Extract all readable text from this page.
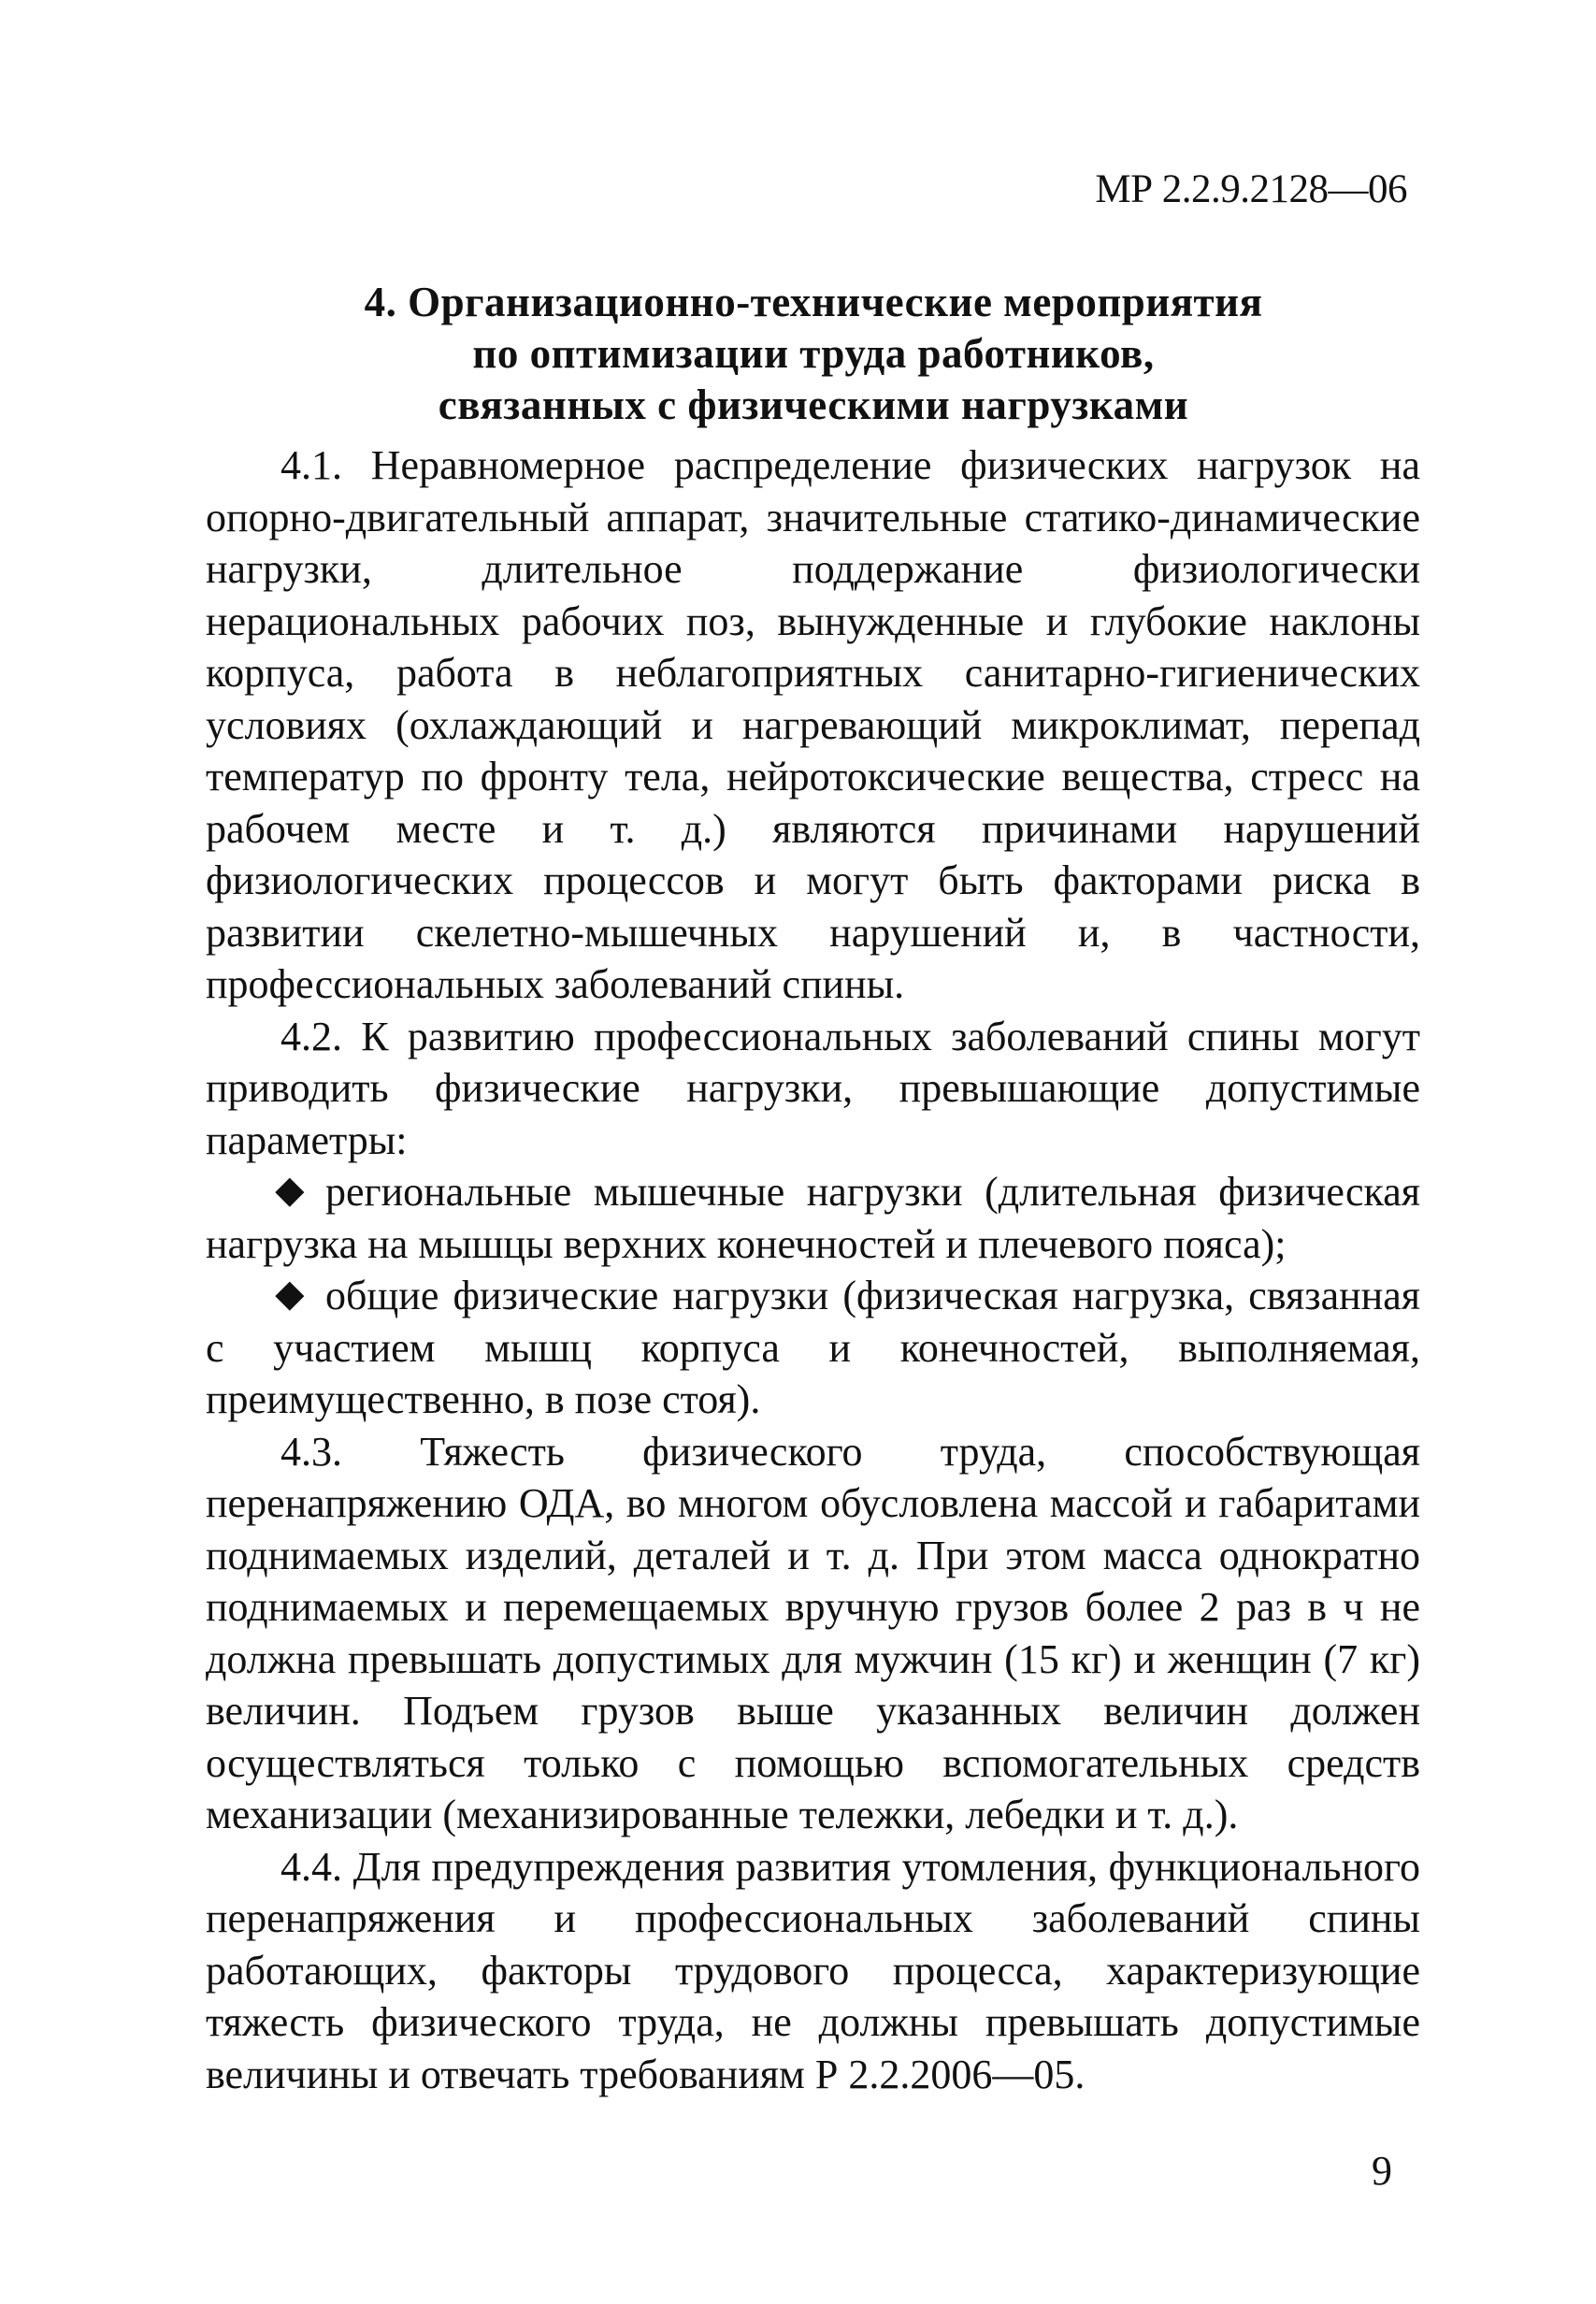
МР 2.2.9.2128—06
4. Организационно-технические мероприятия
по оптимизации труда работников,
связанных с физическими нагрузками

4.1. Неравномерное распределение физических нагрузок на опорно-двигательный аппарат, значительные статико-динамические нагрузки, длительное поддержание физиологически нерациональных рабочих поз, вынужденные и глубокие наклоны корпуса, работа в неблагоприятных санитарно-гигиенических условиях (охлаждающий и нагревающий микроклимат, перепад температур по фронту тела, нейротоксические вещества, стресс на рабочем месте и т. д.) являются причинами нарушений физиологических процессов и могут быть факторами риска в развитии скелетно-мышечных нарушений и, в частности, профессиональных заболеваний спины.

4.2. К развитию профессиональных заболеваний спины могут приводить физические нагрузки, превышающие допустимые параметры:

региональные мышечные нагрузки (длительная физическая нагрузка на мышцы верхних конечностей и плечевого пояса);

общие физические нагрузки (физическая нагрузка, связанная с участием мышц корпуса и конечностей, выполняемая, преимущественно, в позе стоя).

4.3. Тяжесть физического труда, способствующая перенапряжению ОДА, во многом обусловлена массой и габаритами поднимаемых изделий, деталей и т. д. При этом масса однократно поднимаемых и перемещаемых вручную грузов более 2 раз в ч не должна превышать допустимых для мужчин (15 кг) и женщин (7 кг) величин. Подъем грузов выше указанных величин должен осуществляться только с помощью вспомогательных средств механизации (механизированные тележки, лебедки и т. д.).

4.4. Для предупреждения развития утомления, функционального перенапряжения и профессиональных заболеваний спины работающих, факторы трудового процесса, характеризующие тяжесть физического труда, не должны превышать допустимые величины и отвечать требованиям Р 2.2.2006—05.

9
